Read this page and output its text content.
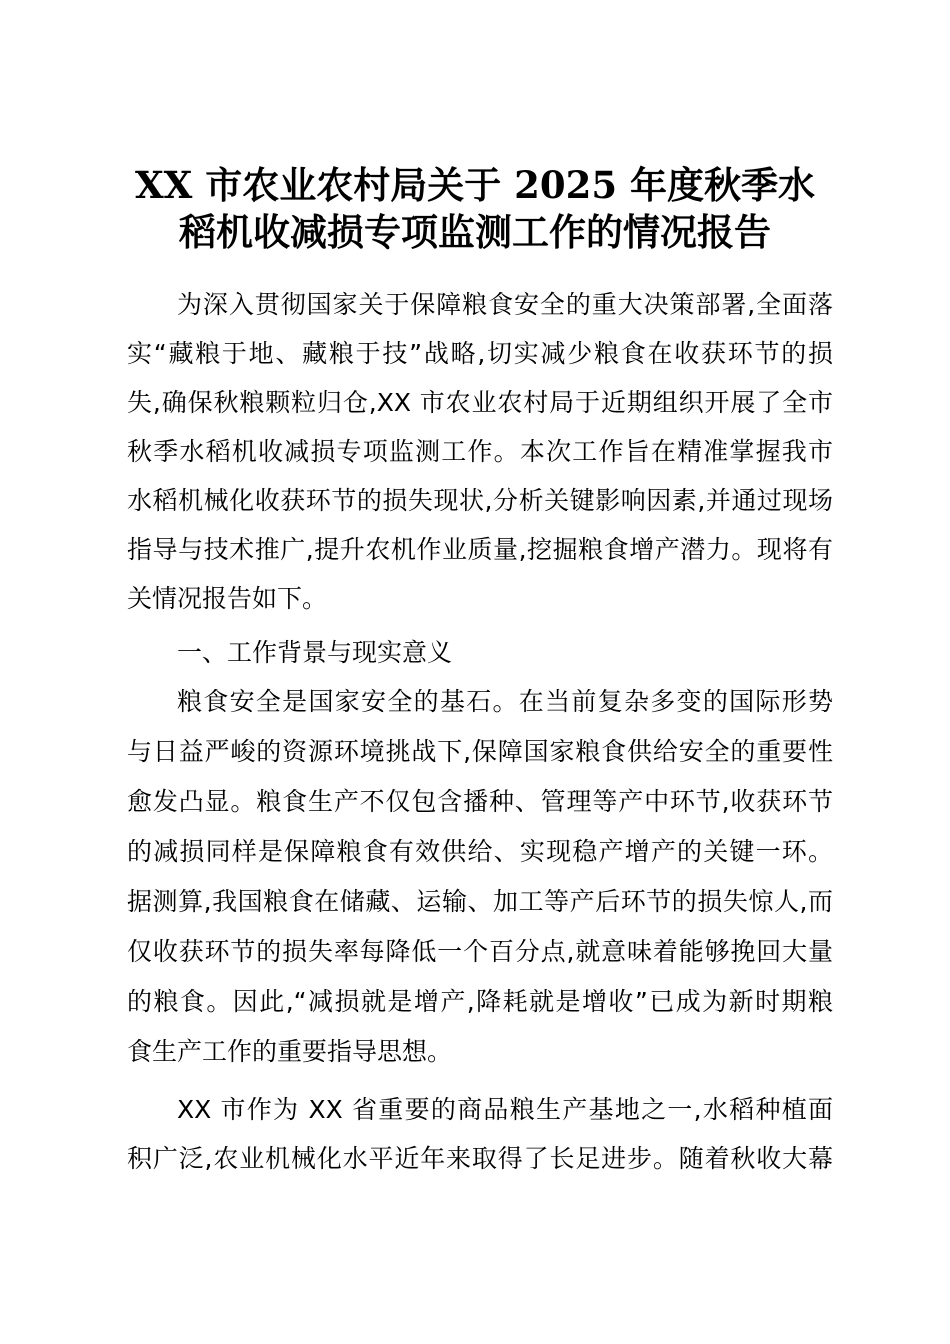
XX 市农业农村局关于 2025 年度秋季水
稻机收减损专项监测工作的情况报告
为深入贯彻国家关于保障粮食安全的重大决策部署,全面落
实“藏粮于地、藏粮于技”战略,切实减少粮食在收获环节的损
失,确保秋粮颗粒归仓,XX 市农业农村局于近期组织开展了全市
秋季水稻机收减损专项监测工作。本次工作旨在精准掌握我市
水稻机械化收获环节的损失现状,分析关键影响因素,并通过现场
指导与技术推广,提升农机作业质量,挖掘粮食增产潜力。现将有
关情况报告如下。
一、工作背景与现实意义
粮食安全是国家安全的基石。在当前复杂多变的国际形势
与日益严峻的资源环境挑战下,保障国家粮食供给安全的重要性
愈发凸显。粮食生产不仅包含播种、管理等产中环节,收获环节
的减损同样是保障粮食有效供给、实现稳产增产的关键一环。
据测算,我国粮食在储藏、运输、加工等产后环节的损失惊人,而
仅收获环节的损失率每降低一个百分点,就意味着能够挽回大量
的粮食。因此,“减损就是增产,降耗就是增收”已成为新时期粮
食生产工作的重要指导思想。
XX 市作为 XX 省重要的商品粮生产基地之一,水稻种植面
积广泛,农业机械化水平近年来取得了长足进步。随着秋收大幕
